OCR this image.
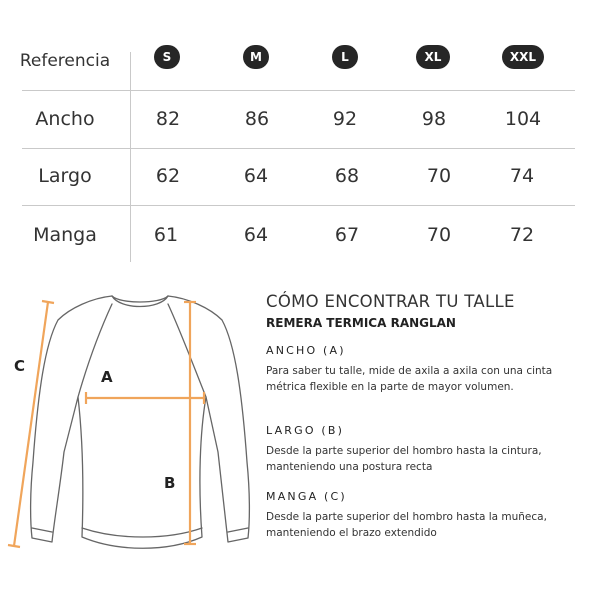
Referencia	S	M	L	XL	XXL
Ancho	82	86	92	98	104
Largo	62	64	68	70	74
Manga	61	64	67	70	72
A
B
C
CÓMO ENCONTRAR TU TALLE
REMERA TERMICA RANGLAN
ANCHO (A)

Para saber tu talle, mide de axila a axila con una cinta métrica flexible en la parte de mayor volumen.

LARGO (B)

Desde la parte superior del hombro hasta la cintura, manteniendo una postura recta

MANGA (C)

Desde la parte superior del hombro hasta la muñeca, manteniendo el brazo extendido
